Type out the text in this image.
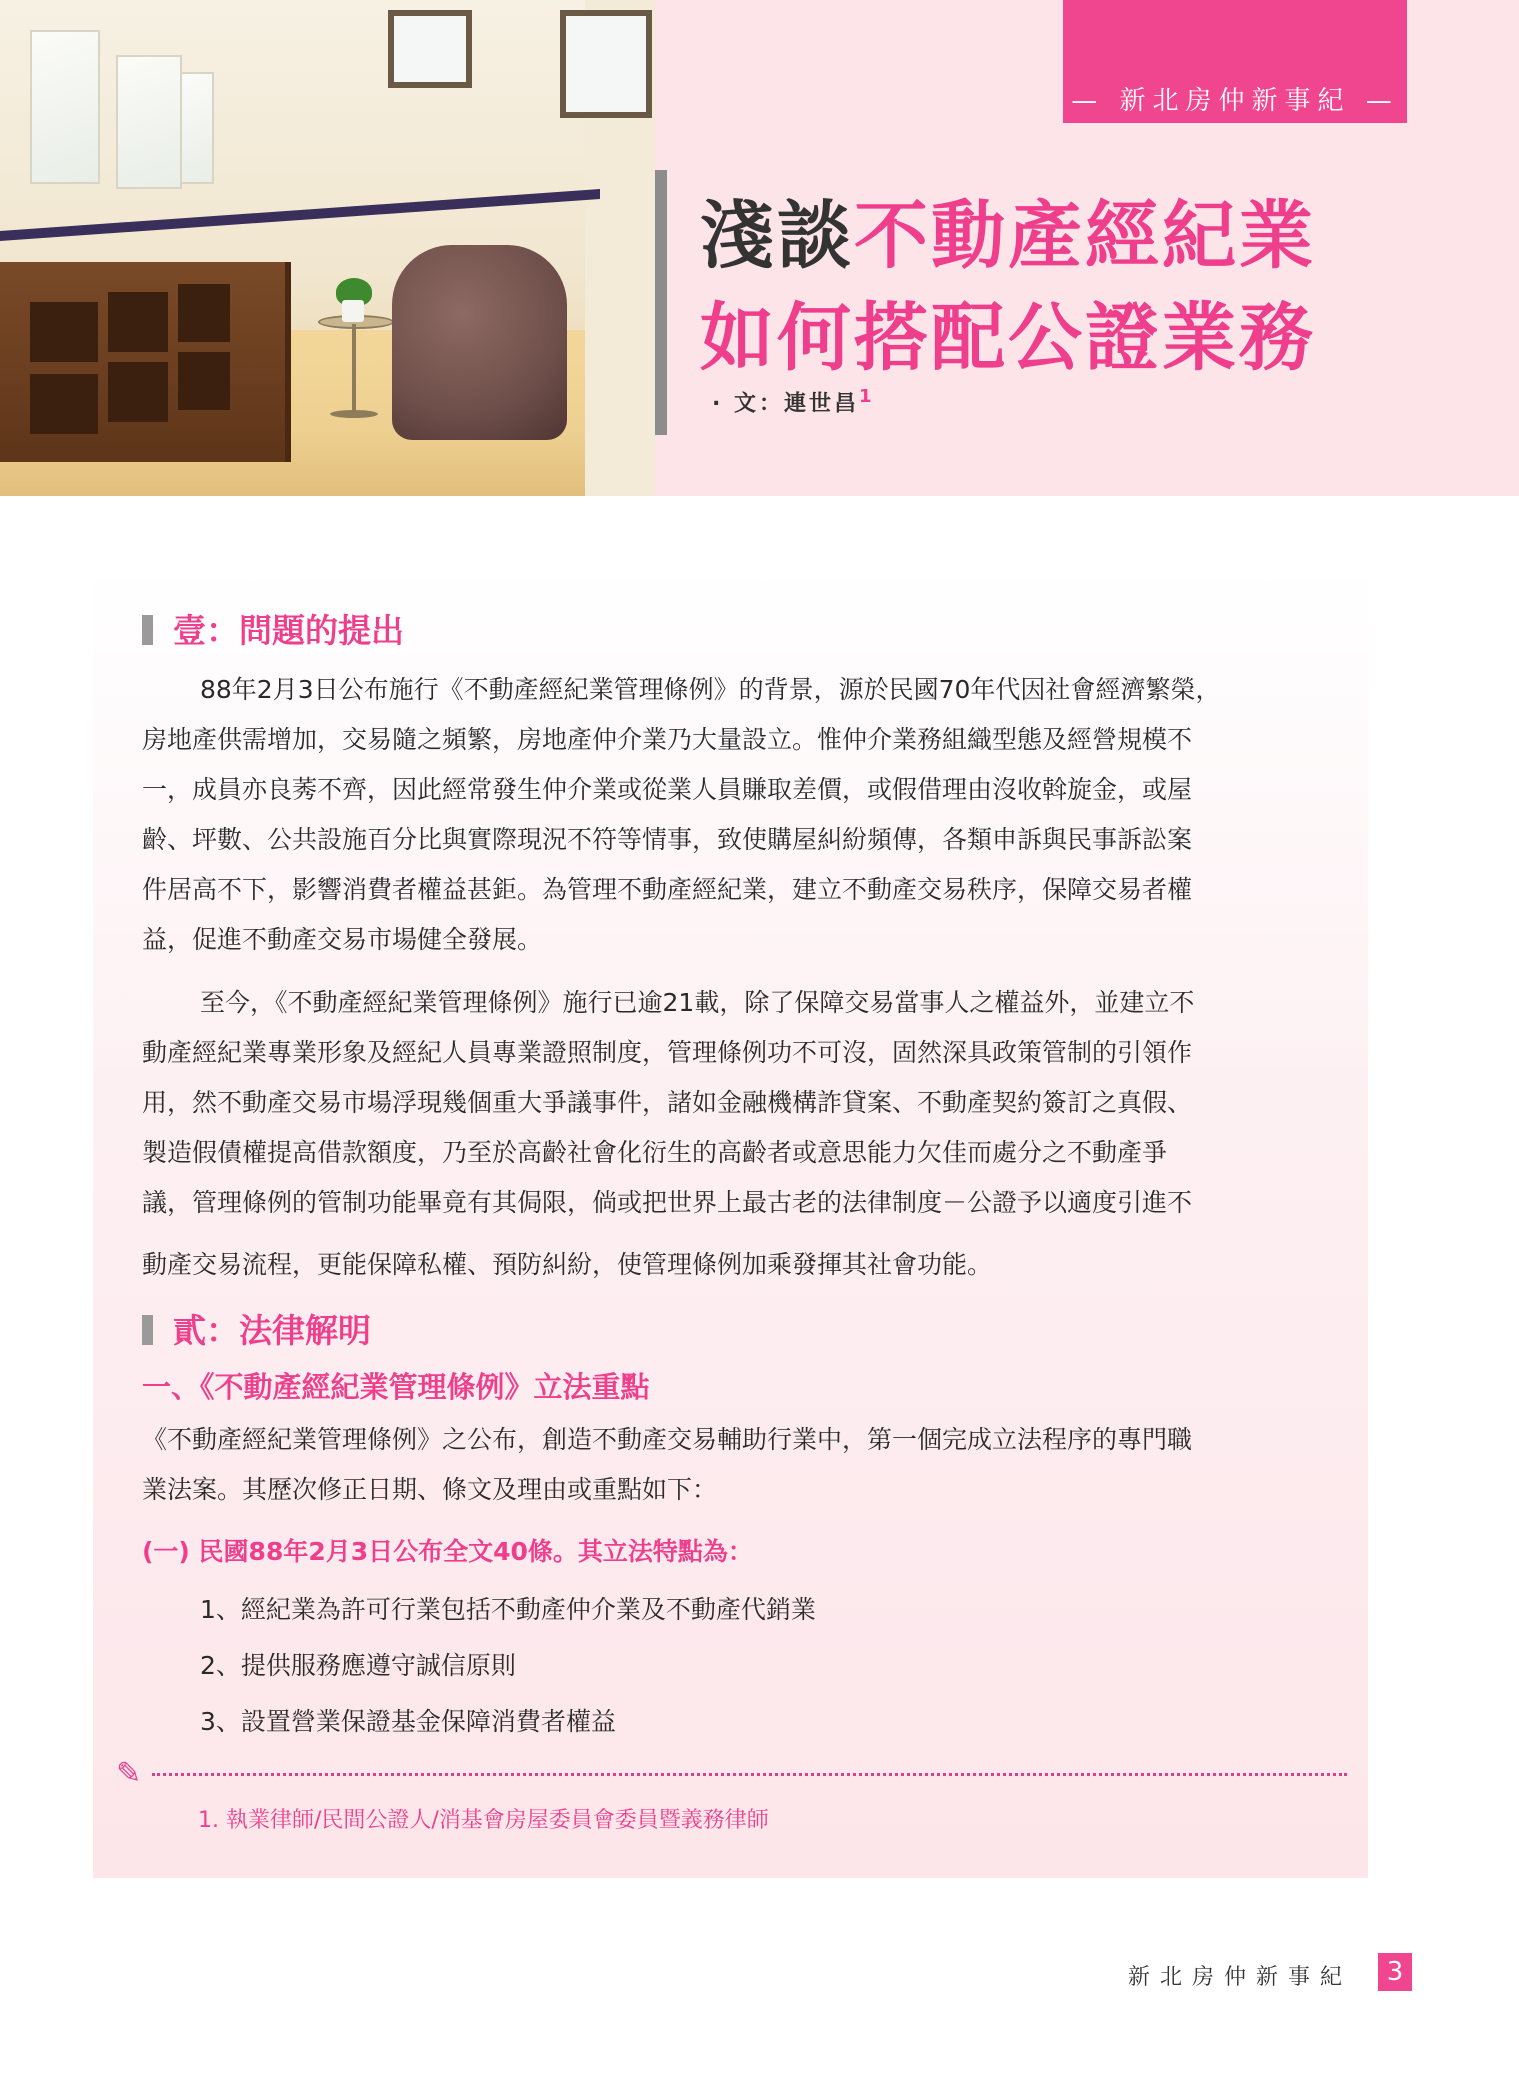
— 新北房仲新事紀 —
淺談不動產經紀業
如何搭配公證業務
· 文：連世昌$^1$
壹：問題的提出
88年2月3日公布施行《不動產經紀業管理條例》的背景，源於民國70年代因社會經濟繁榮，
房地產供需增加，交易隨之頻繁，房地產仲介業乃大量設立。惟仲介業務組織型態及經營規模不
一，成員亦良莠不齊，因此經常發生仲介業或從業人員賺取差價，或假借理由沒收斡旋金，或屋
齡、坪數、公共設施百分比與實際現況不符等情事，致使購屋糾紛頻傳，各類申訴與民事訴訟案
件居高不下，影響消費者權益甚鉅。為管理不動產經紀業，建立不動產交易秩序，保障交易者權
益，促進不動產交易市場健全發展。
至今，《不動產經紀業管理條例》施行已逾21載，除了保障交易當事人之權益外，並建立不
動產經紀業專業形象及經紀人員專業證照制度，管理條例功不可沒，固然深具政策管制的引領作
用，然不動產交易市場浮現幾個重大爭議事件，諸如金融機構詐貸案、不動產契約簽訂之真假、
製造假債權提高借款額度，乃至於高齡社會化衍生的高齡者或意思能力欠佳而處分之不動產爭
議，管理條例的管制功能畢竟有其侷限，倘或把世界上最古老的法律制度－公證予以適度引進不
動產交易流程，更能保障私權、預防糾紛，使管理條例加乘發揮其社會功能。
貳：法律解明
一、《不動產經紀業管理條例》立法重點
《不動產經紀業管理條例》之公布，創造不動產交易輔助行業中，第一個完成立法程序的專門職
業法案。其歷次修正日期、條文及理由或重點如下：
(一) 民國88年2月3日公布全文40條。其立法特點為：
1、經紀業為許可行業包括不動產仲介業及不動產代銷業
2、提供服務應遵守誠信原則
3、設置營業保證基金保障消費者權益
✎
1. 執業律師/民間公證人/消基會房屋委員會委員暨義務律師
新北房仲新事紀	3
